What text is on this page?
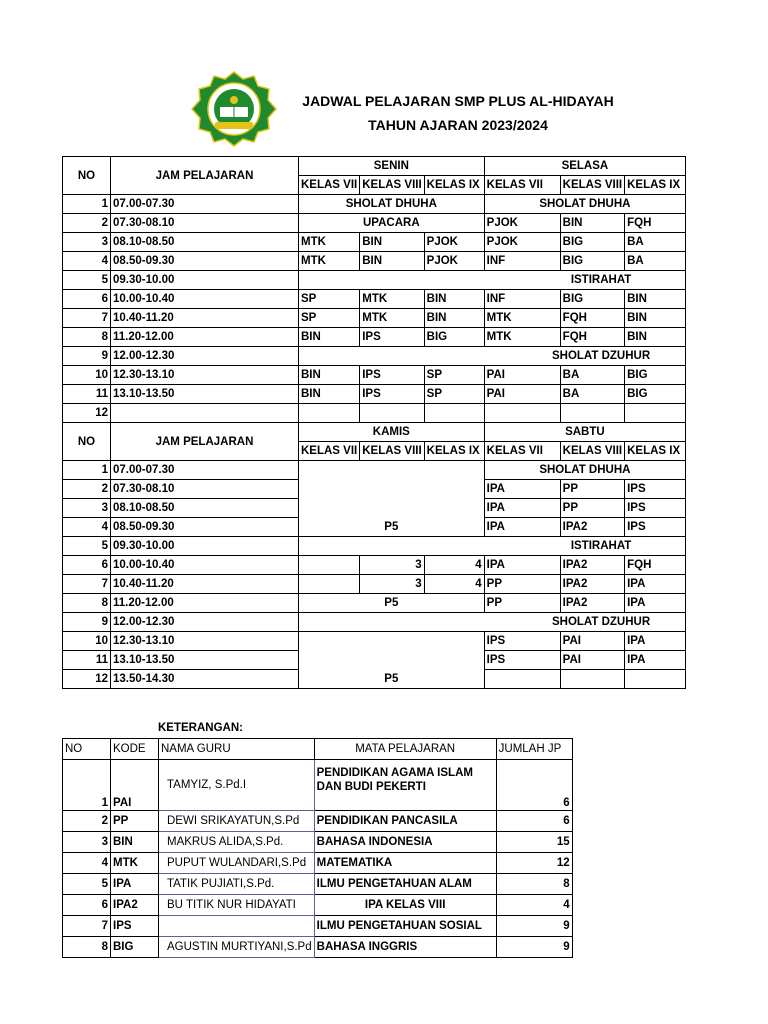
JADWAL PELAJARAN SMP PLUS AL-HIDAYAH
TAHUN AJARAN 2023/2024
NO	JAM PELAJARAN	SENIN			SELASA		
		KELAS VII	KELAS VIII	KELAS IX	KELAS VII	KELAS VIII	KELAS IX
1	07.00-07.30	SHOLAT DHUHA			SHOLAT DHUHA		
2	07.30-08.10	UPACARA			PJOK	BIN	FQH
3	08.10-08.50	MTK	BIN	PJOK	PJOK	BIG	BA
4	08.50-09.30	MTK	BIN	PJOK	INF	BIG	BA
5	09.30-10.00	ISTIRAHAT					
6	10.00-10.40	SP	MTK	BIN	INF	BIG	BIN
7	10.40-11.20	SP	MTK	BIN	MTK	FQH	BIN
8	11.20-12.00	BIN	IPS	BIG	MTK	FQH	BIN
9	12.00-12.30	SHOLAT DZUHUR					
10	12.30-13.10	BIN	IPS	SP	PAI	BA	BIG
11	13.10-13.50	BIN	IPS	SP	PAI	BA	BIG
12							
NO	JAM PELAJARAN	KAMIS			SABTU		
		KELAS VII	KELAS VIII	KELAS IX	KELAS VII	KELAS VIII	KELAS IX
1	07.00-07.30	P5			SHOLAT DHUHA		
2	07.30-08.10				IPA	PP	IPS
3	08.10-08.50				IPA	PP	IPS
4	08.50-09.30				IPA	IPA2	IPS
5	09.30-10.00	ISTIRAHAT					
6	10.00-10.40		3	4	IPA	IPA2	FQH
7	10.40-11.20		3	4	PP	IPA2	IPA
8	11.20-12.00	P5			PP	IPA2	IPA
9	12.00-12.30	SHOLAT DZUHUR					
10	12.30-13.10	P5			IPS	PAI	IPA
11	13.10-13.50				IPS	PAI	IPA
12	13.50-14.30						
KETERANGAN:
NO	KODE	NAMA GURU	MATA PELAJARAN	JUMLAH JP
1	PAI	TAMYIZ, S.Pd.I	PENDIDIKAN AGAMA ISLAM DAN BUDI PEKERTI	6
2	PP	DEWI SRIKAYATUN,S.Pd	PENDIDIKAN PANCASILA	6
3	BIN	MAKRUS ALIDA,S.Pd.	BAHASA INDONESIA	15
4	MTK	PUPUT WULANDARI,S.Pd	MATEMATIKA	12
5	IPA	TATIK PUJIATI,S.Pd.	ILMU PENGETAHUAN ALAM	8
6	IPA2	BU TITIK NUR HIDAYATI	IPA KELAS VIII	4
7	IPS		ILMU PENGETAHUAN SOSIAL	9
8	BIG	AGUSTIN MURTIYANI,S.Pd	BAHASA INGGRIS	9
